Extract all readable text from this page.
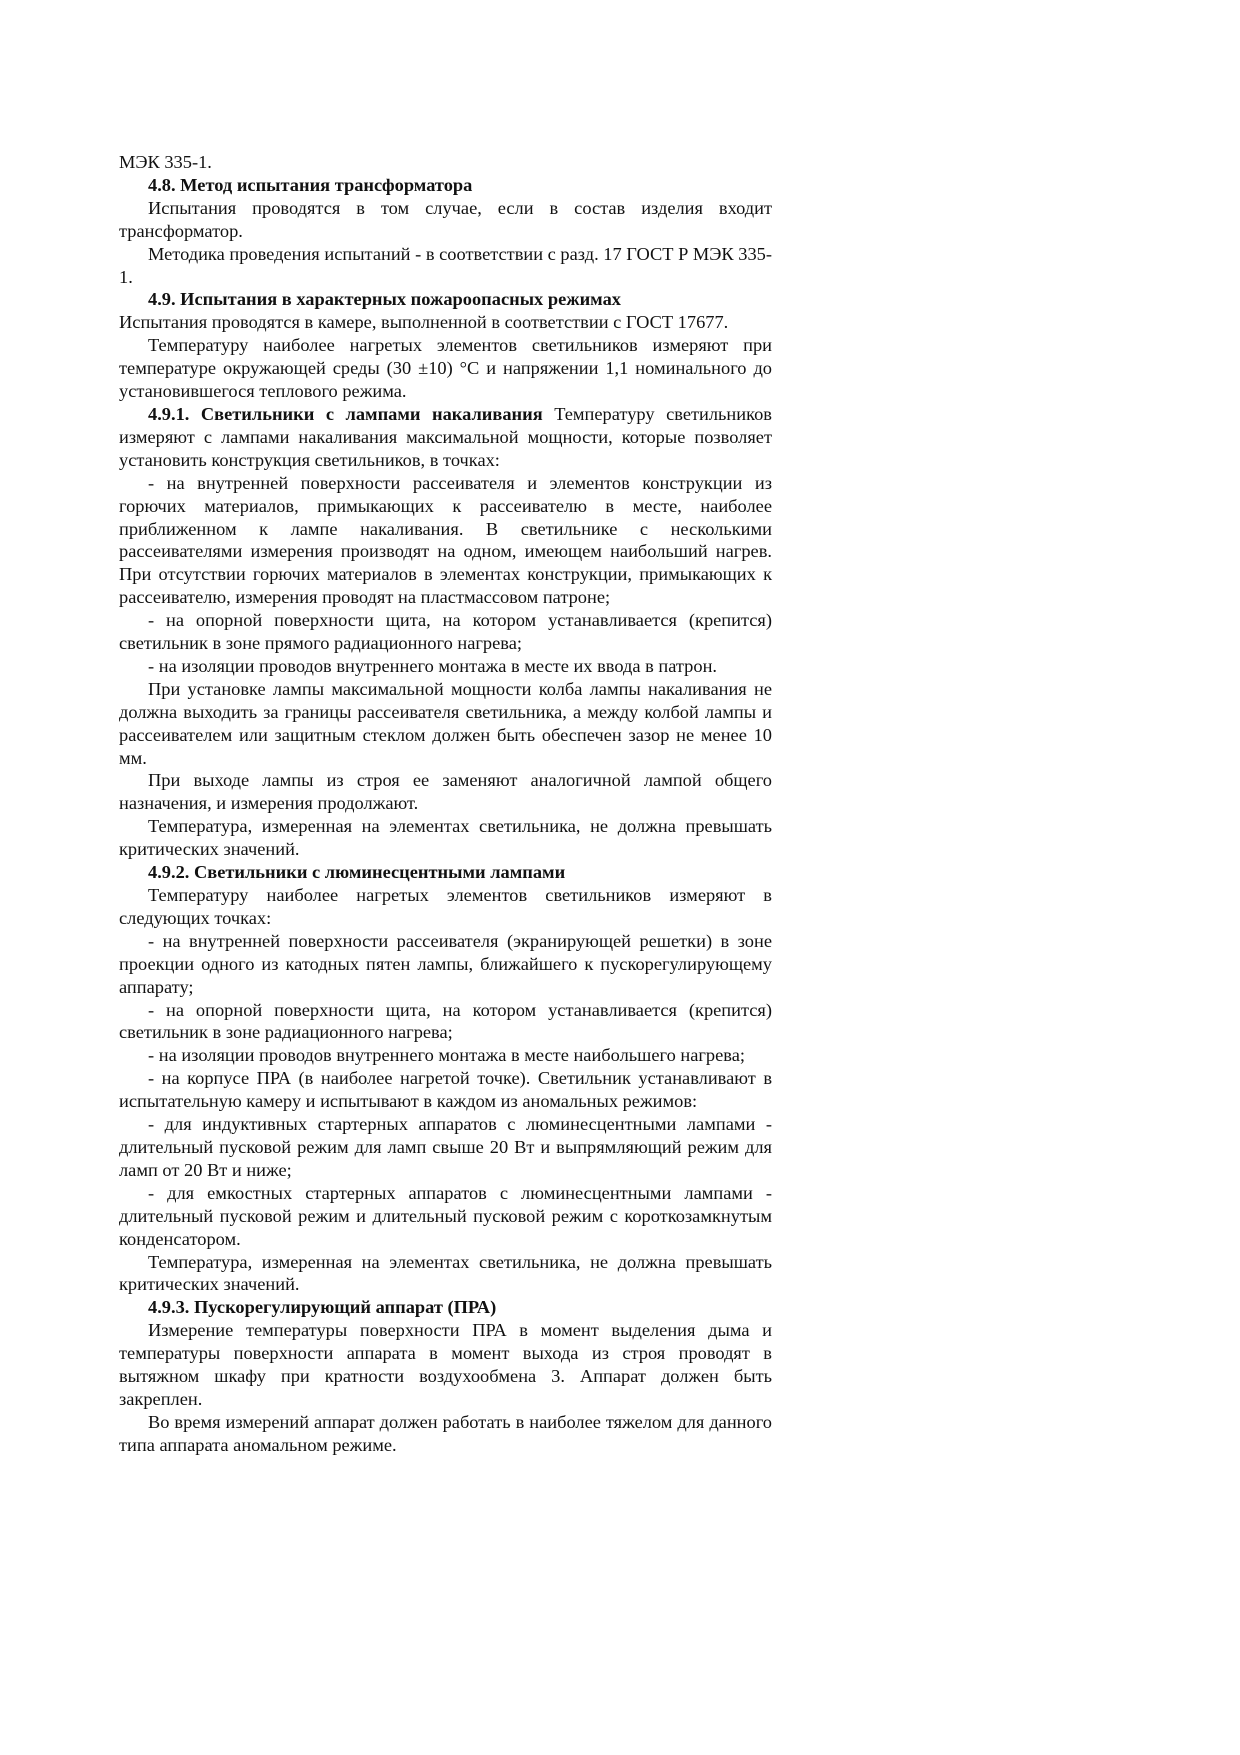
МЭК 335-1.

4.8. Метод испытания трансформатора

Испытания проводятся в том случае, если в состав изделия входит трансформатор.

Методика проведения испытаний - в соответствии с разд. 17 ГОСТ Р МЭК 335-1.

4.9. Испытания в характерных пожароопасных режимах
Испытания проводятся в камере, выполненной в соответствии с ГОСТ 17677.

Температуру наиболее нагретых элементов светильников измеряют при температуре окружающей среды (30 ±10) °С и напряжении 1,1 номинального до установившегося теплового режима.

4.9.1. Светильники с лампами накаливания Температуру светильников измеряют с лампами накаливания максимальной мощности, которые позволяет установить конструкция светильников, в точках:

- на внутренней поверхности рассеивателя и элементов конструкции из горючих материалов, примыкающих к рассеивателю в месте, наиболее приближенном к лампе накаливания. В светильнике с несколькими рассеивателями измерения производят на одном, имеющем наибольший нагрев. При отсутствии горючих материалов в элементах конструкции, примыкающих к рассеивателю, измерения проводят на пластмассовом патроне;

- на опорной поверхности щита, на котором устанавливается (крепится) светильник в зоне прямого радиационного нагрева;

- на изоляции проводов внутреннего монтажа в месте их ввода в патрон.

При установке лампы максимальной мощности колба лампы накаливания не должна выходить за границы рассеивателя светильника, а между колбой лампы и рассеивателем или защитным стеклом должен быть обеспечен зазор не менее 10 мм.

При выходе лампы из строя ее заменяют аналогичной лампой общего назначения, и измерения продолжают.

Температура, измеренная на элементах светильника, не должна превышать критических значений.

4.9.2. Светильники с люминесцентными лампами

Температуру наиболее нагретых элементов светильников измеряют в следующих точках:

- на внутренней поверхности рассеивателя (экранирующей решетки) в зоне проекции одного из катодных пятен лампы, ближайшего к пускорегулирующему аппарату;

- на опорной поверхности щита, на котором устанавливается (крепится) светильник в зоне радиационного нагрева;

- на изоляции проводов внутреннего монтажа в месте наибольшего нагрева;

- на корпусе ПРА (в наиболее нагретой точке). Светильник устанавливают в испытательную камеру и испытывают в каждом из аномальных режимов:

- для индуктивных стартерных аппаратов с люминесцентными лампами - длительный пусковой режим для ламп свыше 20 Вт и выпрямляющий режим для ламп от 20 Вт и ниже;

- для емкостных стартерных аппаратов с люминесцентными лампами - длительный пусковой режим и длительный пусковой режим с короткозамкнутым конденсатором.

Температура, измеренная на элементах светильника, не должна превышать критических значений.

4.9.3. Пускорегулирующий аппарат (ПРА)

Измерение температуры поверхности ПРА в момент выделения дыма и температуры поверхности аппарата в момент выхода из строя проводят в вытяжном шкафу при кратности воздухообмена 3. Аппарат должен быть закреплен.

Во время измерений аппарат должен работать в наиболее тяжелом для данного типа аппарата аномальном режиме.
